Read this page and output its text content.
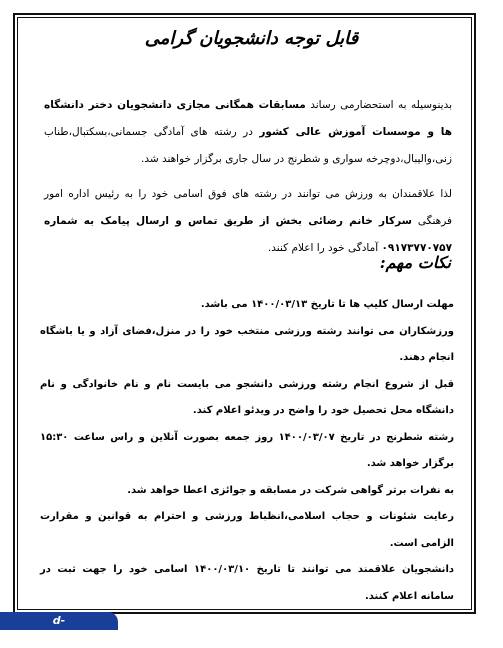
قابل توجه دانشجویان گرامی

بدینوسیله به استحضارمی رساند مسابقات همگانی مجازی دانشجویان دختر دانشگاه ها و موسسات آموزش عالی کشور در رشته های آمادگی جسمانی،بسکتبال،طناب زنی،والیبال،دوچرخه سواری و شطرنج در سال جاری برگزار خواهند شد.

لذا علاقمندان به ورزش می توانند در رشته های فوق اسامی خود را به رئیس اداره امور فرهنگی سرکار خانم رضائی بخش از طریق تماس و ارسال پیامک به شماره ۰۹۱۷۳۷۷۰۷۵۷ آمادگی خود را اعلام کنند.

نکات مهم:

مهلت ارسال کلیپ ها تا تاریخ ۱۴۰۰/۰۳/۱۳ می باشد.

ورزشکاران می توانند رشته ورزشی منتخب خود را در منزل،فضای آزاد و یا باشگاه انجام دهند.

قبل از شروع انجام رشته ورزشی دانشجو می بایست نام و نام خانوادگی و نام دانشگاه محل تحصیل خود را واضح در ویدئو اعلام کند.

رشته شطرنج در تاریخ ۱۴۰۰/۰۳/۰۷ روز جمعه بصورت آنلاین و راس ساعت ۱۵:۳۰ برگزار خواهد شد.

به نفرات برتر گواهی شرکت در مسابقه و جوائزی اعطا خواهد شد.

رعایت شئونات و حجاب اسلامی،انظباط ورزشی و احترام به قوانین و مقرارت الزامی است.

دانشجویان علاقمند می توانند تا تاریخ ۱۴۰۰/۰۳/۱۰ اسامی خود را جهت ثبت در سامانه اعلام کنند.

d-bushehr.nus.ac.ir
